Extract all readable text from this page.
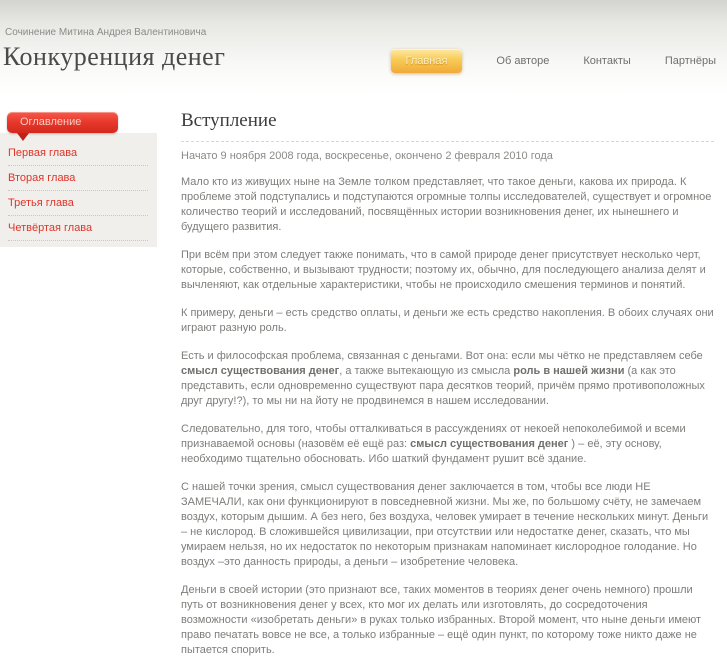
Сочинение Митина Андрея Валентиновича
Конкуренция денег	Главная	Об авторе	Контакты	Партнёры
Оглавление
Первая глава
Вторая глава
Третья глава
Четвёртая глава
Вступление
Начато 9 ноября 2008 года, воскресенье, окончено 2 февраля 2010 года

Мало кто из живущих ныне на Земле толком представляет, что такое деньги, какова их природа. К проблеме этой подступались и подступаются огромные толпы исследователей, существует и огромное количество теорий и исследований, посвящённых истории возникновения денег, их нынешнего и будущего развития.

При всём при этом следует также понимать, что в самой природе денег присутствует несколько черт, которые, собственно, и вызывают трудности; поэтому их, обычно, для последующего анализа делят и вычленяют, как отдельные характеристики, чтобы не происходило смешения терминов и понятий.

К примеру, деньги – есть средство оплаты, и деньги же есть средство накопления. В обоих случаях они играют разную роль.

Есть и философская проблема, связанная с деньгами. Вот она: если мы чётко не представляем себе смысл существования денег, а также вытекающую из смысла роль в нашей жизни (а как это представить, если одновременно существуют пара десятков теорий, причём прямо противоположных друг другу!?), то мы ни на йоту не продвинемся в нашем исследовании.

Следовательно, для того, чтобы отталкиваться в рассуждениях от некоей непоколебимой и всеми признаваемой основы (назовём её ещё раз: смысл существования денег ) – её, эту основу, необходимо тщательно обосновать. Ибо шаткий фундамент рушит всё здание.

С нашей точки зрения, смысл существования денег заключается в том, чтобы все люди НЕ ЗАМЕЧАЛИ, как они функционируют в повседневной жизни. Мы же, по большому счёту, не замечаем воздух, которым дышим. А без него, без воздуха, человек умирает в течение нескольких минут. Деньги – не кислород. В сложившейся цивилизации, при отсутствии или недостатке денег, сказать, что мы умираем нельзя, но их недостаток по некоторым признакам напоминает кислородное голодание. Но воздух –это данность природы, а деньги – изобретение человека.

Деньги в своей истории (это признают все, таких моментов в теориях денег очень немного) прошли путь от возникновения денег у всех, кто мог их делать или изготовлять, до сосредоточения возможности «изобретать деньги» в руках только избранных. Второй момент, что ныне деньги имеют право печатать вовсе не все, а только избранные – ещё один пункт, по которому тоже никто даже не пытается спорить.
